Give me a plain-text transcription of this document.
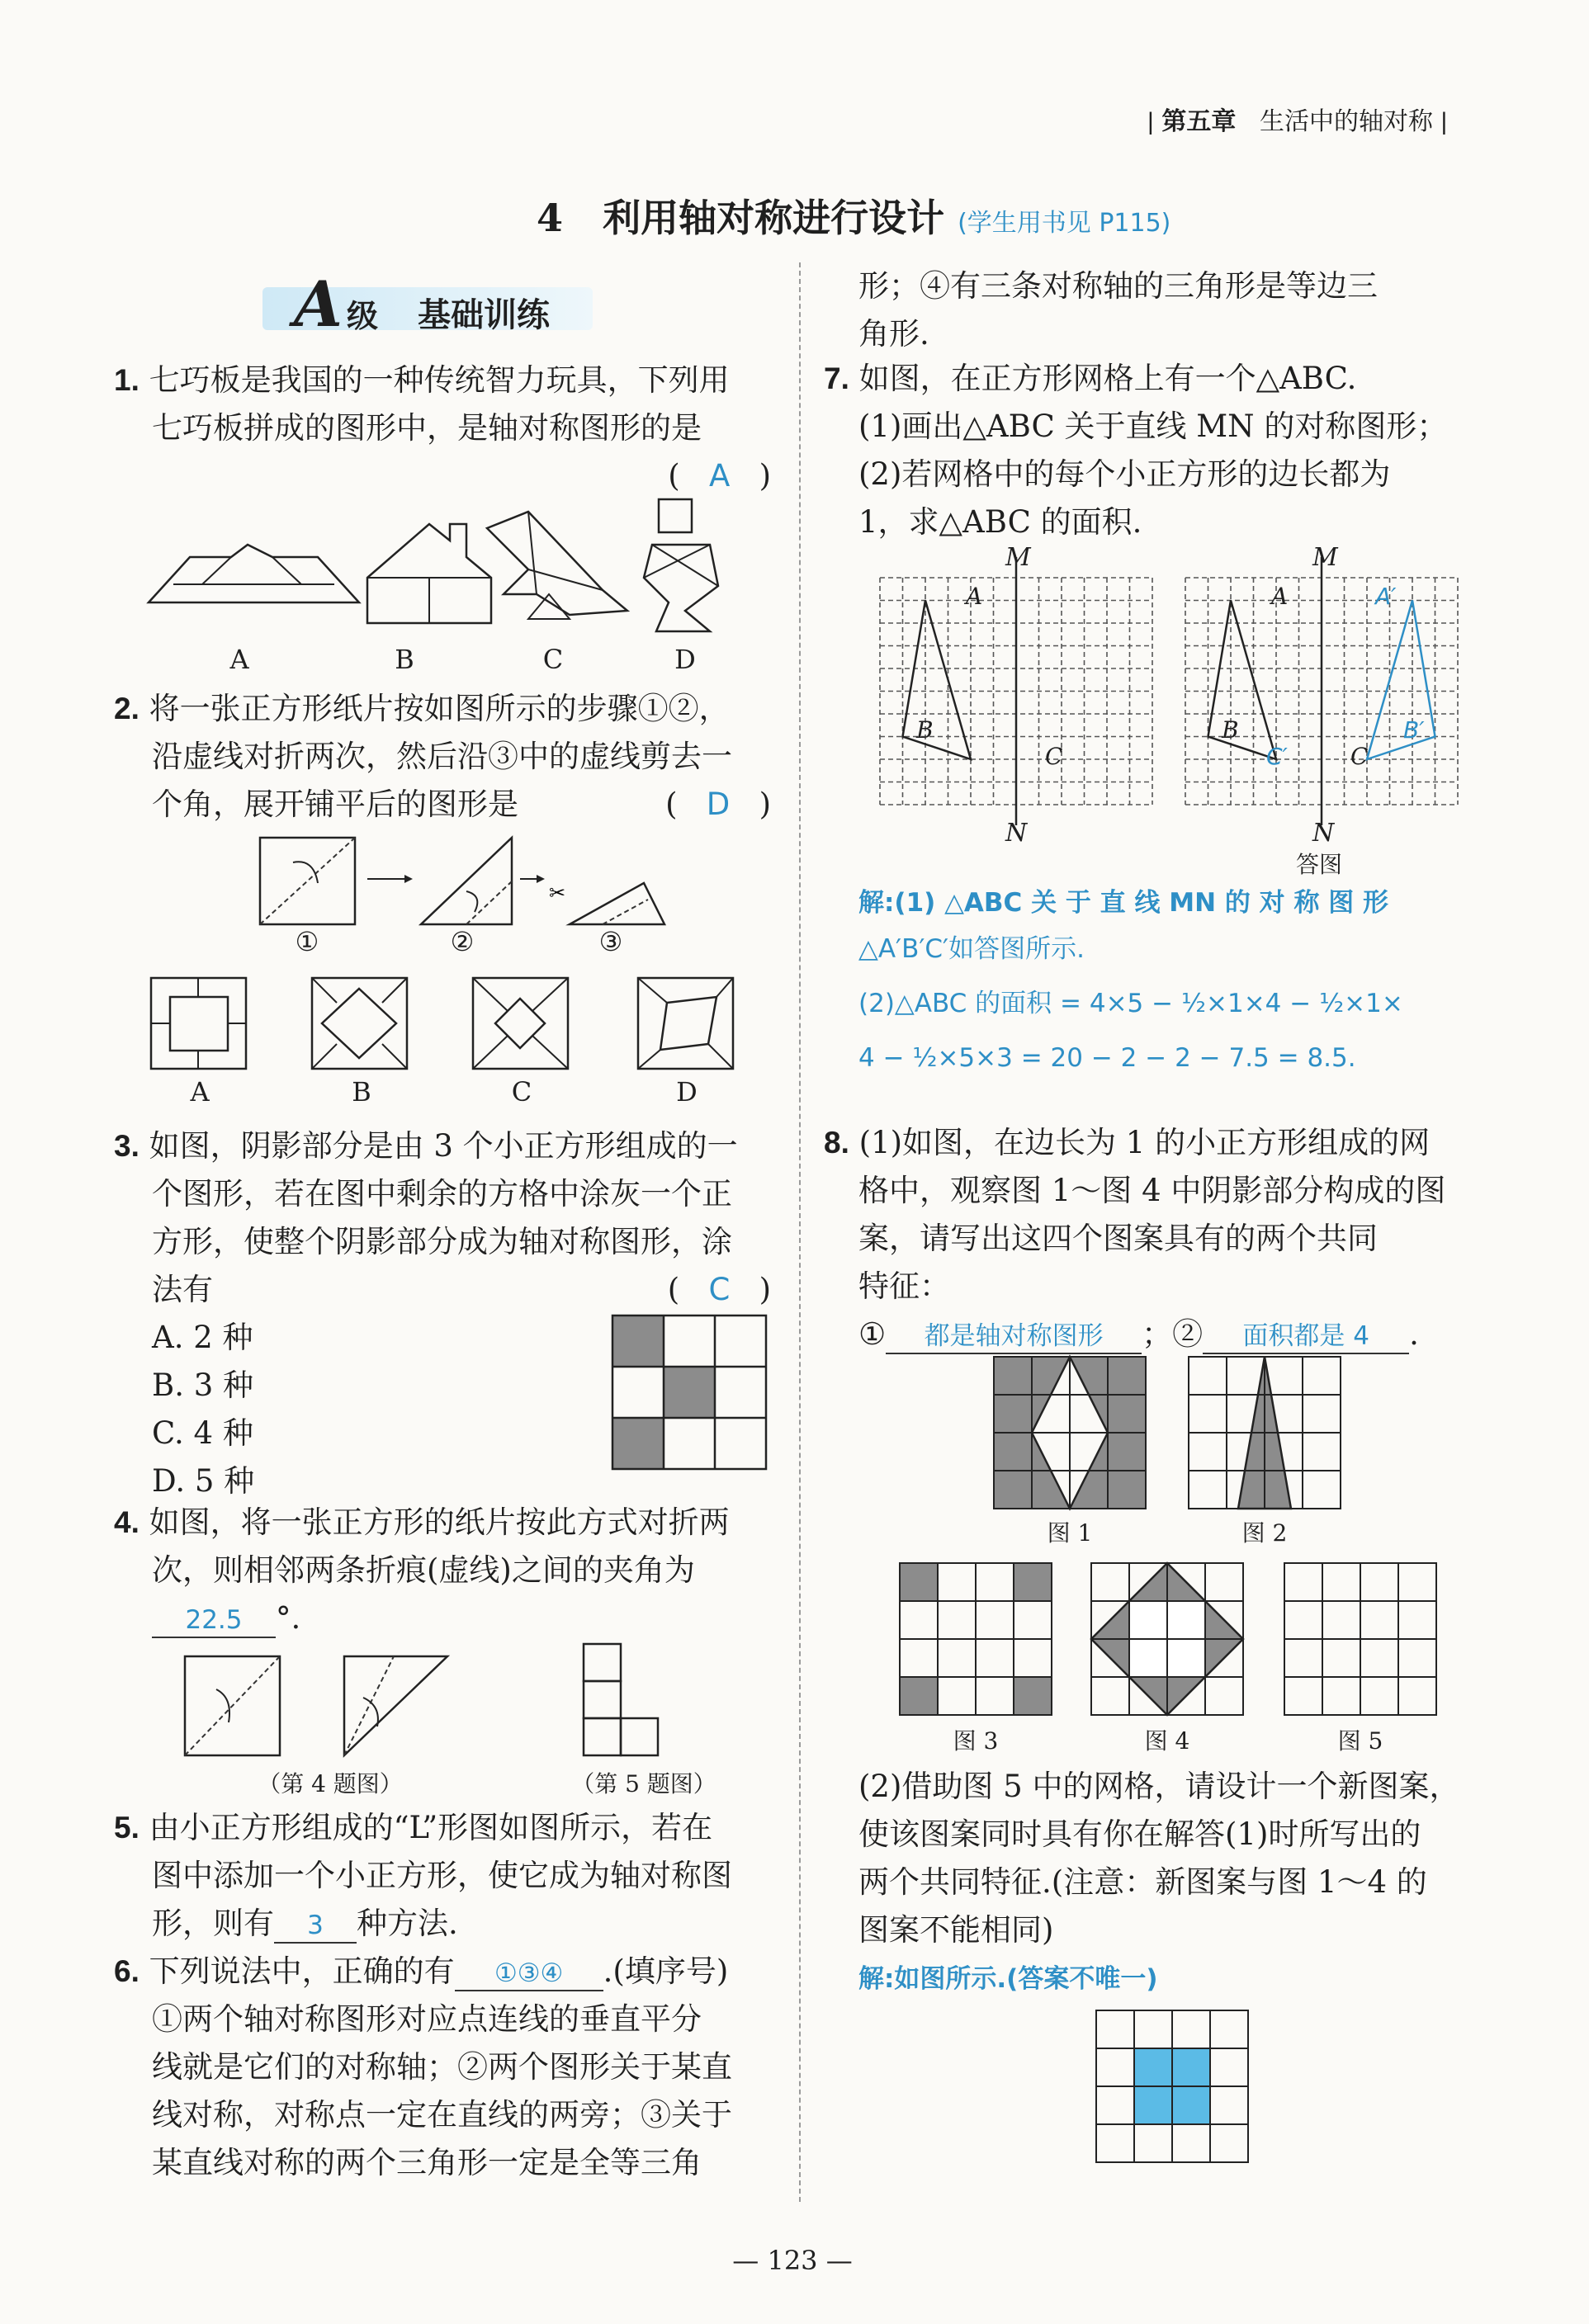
| 第五章 生活中的轴对称 |
4 利用轴对称进行设计 (学生用书见 P115)
A 级 基础训练
1. 七巧板是我国的一种传统智力玩具，下列用
七巧板拼成的图形中，是轴对称图形的是
(   A   )
A	B	C	D
2. 将一张正方形纸片按如图所示的步骤①②，
沿虚线对折两次，然后沿③中的虚线剪去一
个角，展开铺平后的图形是	(   D   )
✂
①	②	③
A	B	C	D
3. 如图，阴影部分是由 3 个小正方形组成的一
个图形，若在图中剩余的方格中涂灰一个正
方形，使整个阴影部分成为轴对称图形，涂
法有	(   C   )
A. 2 种
B. 3 种
C. 4 种
D. 5 种
4. 如图，将一张正方形的纸片按此方式对折两
次，则相邻两条折痕(虚线)之间的夹角为
22.5 °.
（第 4 题图）	（第 5 题图）
5. 由小正方形组成的“L”形图如图所示，若在
图中添加一个小正方形，使它成为轴对称图
形，则有 3 种方法.
6. 下列说法中，正确的有 ①③④ .(填序号)
①两个轴对称图形对应点连线的垂直平分
线就是它们的对称轴；②两个图形关于某直
线对称，对称点一定在直线的两旁；③关于
某直线对称的两个三角形一定是全等三角
形；④有三条对称轴的三角形是等边三
角形.
7. 如图，在正方形网格上有一个△ABC.
(1)画出△ABC 关于直线 MN 的对称图形；
(2)若网格中的每个小正方形的边长都为
1，求△ABC 的面积.
M
N
A
B
C
M
N
A
B
C
A′
B′
C′
答图
解:(1) △ABC 关 于 直 线 MN 的 对 称 图 形
△A′B′C′如答图所示.
(2)△ABC 的面积 = 4×5 − ½×1×4 − ½×1×
4 − ½×5×3 = 20 − 2 − 2 − 7.5 = 8.5.
8. (1)如图，在边长为 1 的小正方形组成的网
格中，观察图 1～图 4 中阴影部分构成的图
案，请写出这四个图案具有的两个共同
特征：
① 都是轴对称图形 ；② 面积都是 4 .
图 1	图 2
图 3	图 4	图 5
(2)借助图 5 中的网格，请设计一个新图案，
使该图案同时具有你在解答(1)时所写出的
两个共同特征.(注意：新图案与图 1～4 的
图案不能相同)
解:如图所示.(答案不唯一)
— 123 —
